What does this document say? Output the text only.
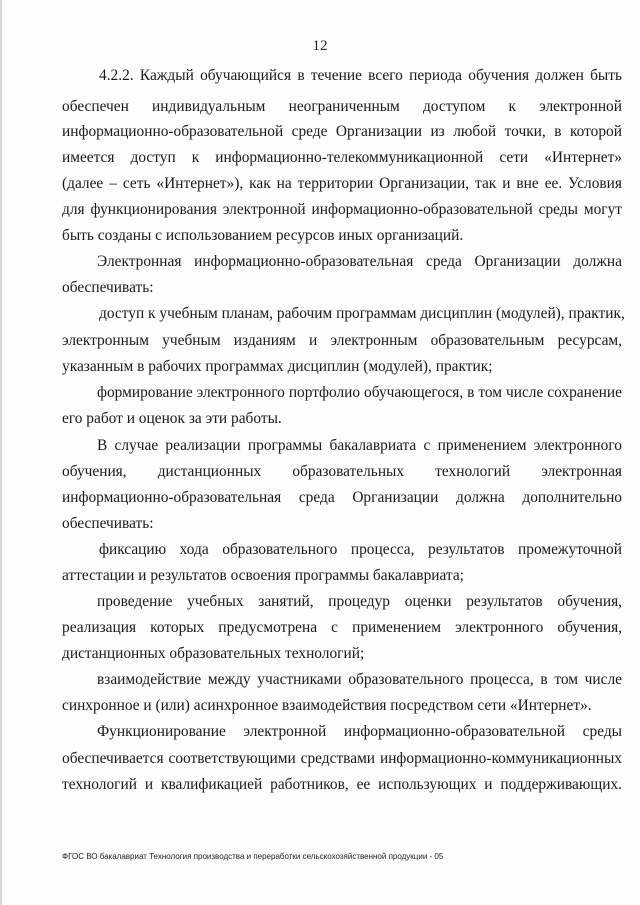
12

4.2.2. Каждый обучающийся в течение всего периода обучения должен быть

обеспечен индивидуальным неограниченным доступом к электронной

информационно-образовательной среде Организации из любой точки, в которой

имеется доступ к информационно-телекоммуникационной сети «Интернет»

(далее – сеть «Интернет»), как на территории Организации, так и вне ее. Условия

для функционирования электронной информационно-образовательной среды могут

быть созданы с использованием ресурсов иных организаций.

Электронная информационно-образовательная среда Организации должна

обеспечивать:

доступ к учебным планам, рабочим программам дисциплин (модулей), практик,

электронным учебным изданиям и электронным образовательным ресурсам,

указанным в рабочих программах дисциплин (модулей), практик;

формирование электронного портфолио обучающегося, в том числе сохранение

его работ и оценок за эти работы.

В случае реализации программы бакалавриата с применением электронного

обучения, дистанционных образовательных технологий электронная

информационно-образовательная среда Организации должна дополнительно

обеспечивать:

фиксацию хода образовательного процесса, результатов промежуточной

аттестации и результатов освоения программы бакалавриата;

проведение учебных занятий, процедур оценки результатов обучения,

реализация которых предусмотрена с применением электронного обучения,

дистанционных образовательных технологий;

взаимодействие между участниками образовательного процесса, в том числе

синхронное и (или) асинхронное взаимодействия посредством сети «Интернет».

Функционирование электронной информационно-образовательной среды

обеспечивается соответствующими средствами информационно-коммуникационных

технологий и квалификацией работников, ее использующих и поддерживающих.

ФГОС ВО бакалавриат Технология производства и переработки сельскохозяйственной продукции - 05
